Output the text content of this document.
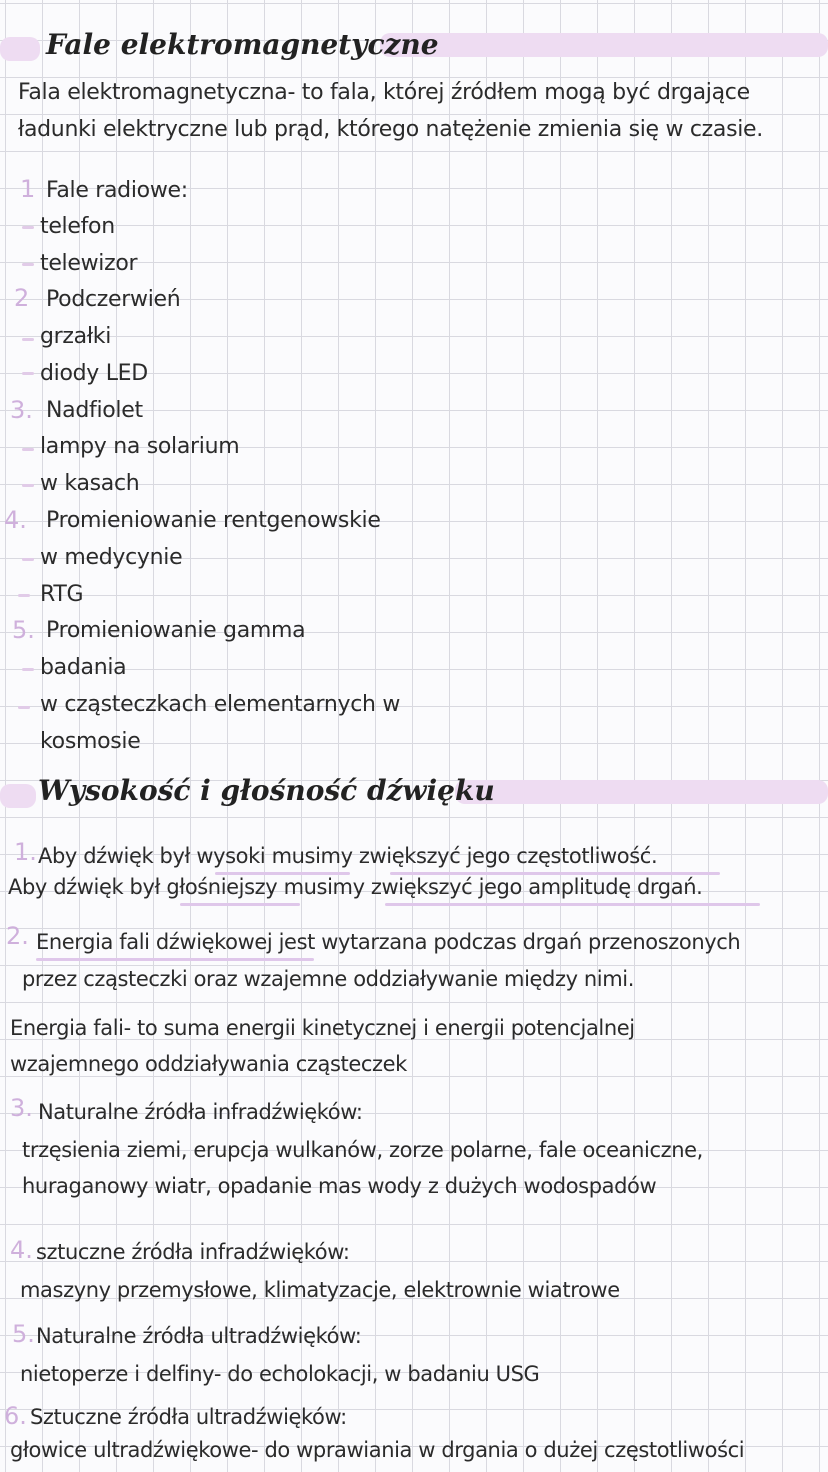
Fale elektromagnetyczne
Fala elektromagnetyczna- to fala, której źródłem mogą być drgające
ładunki elektryczne lub prąd, którego natężenie zmienia się w czasie.
1 Fale radiowe:
telefon
telewizor
2 Podczerwień
grzałki
diody LED
3. Nadfiolet
lampy na solarium
w kasach
4. Promieniowanie rentgenowskie
w medycynie
RTG
5. Promieniowanie gamma
badania
w cząsteczkach elementarnych w
kosmosie
Wysokość i głośność dźwięku
1. Aby dźwięk był wysoki musimy zwiększyć jego częstotliwość.
Aby dźwięk był głośniejszy musimy zwiększyć jego amplitudę drgań.
2. Energia fali dźwiękowej jest wytarzana podczas drgań przenoszonych
przez cząsteczki oraz wzajemne oddziaływanie między nimi.
Energia fali- to suma energii kinetycznej i energii potencjalnej
wzajemnego oddziaływania cząsteczek
3. Naturalne źródła infradźwięków:
trzęsienia ziemi, erupcja wulkanów, zorze polarne, fale oceaniczne,
huraganowy wiatr, opadanie mas wody z dużych wodospadów
4. sztuczne źródła infradźwięków:
maszyny przemysłowe, klimatyzacje, elektrownie wiatrowe
5. Naturalne źródła ultradźwięków:
nietoperze i delfiny- do echolokacji, w badaniu USG
6. Sztuczne źródła ultradźwięków:
głowice ultradźwiękowe- do wprawiania w drgania o dużej częstotliwości
